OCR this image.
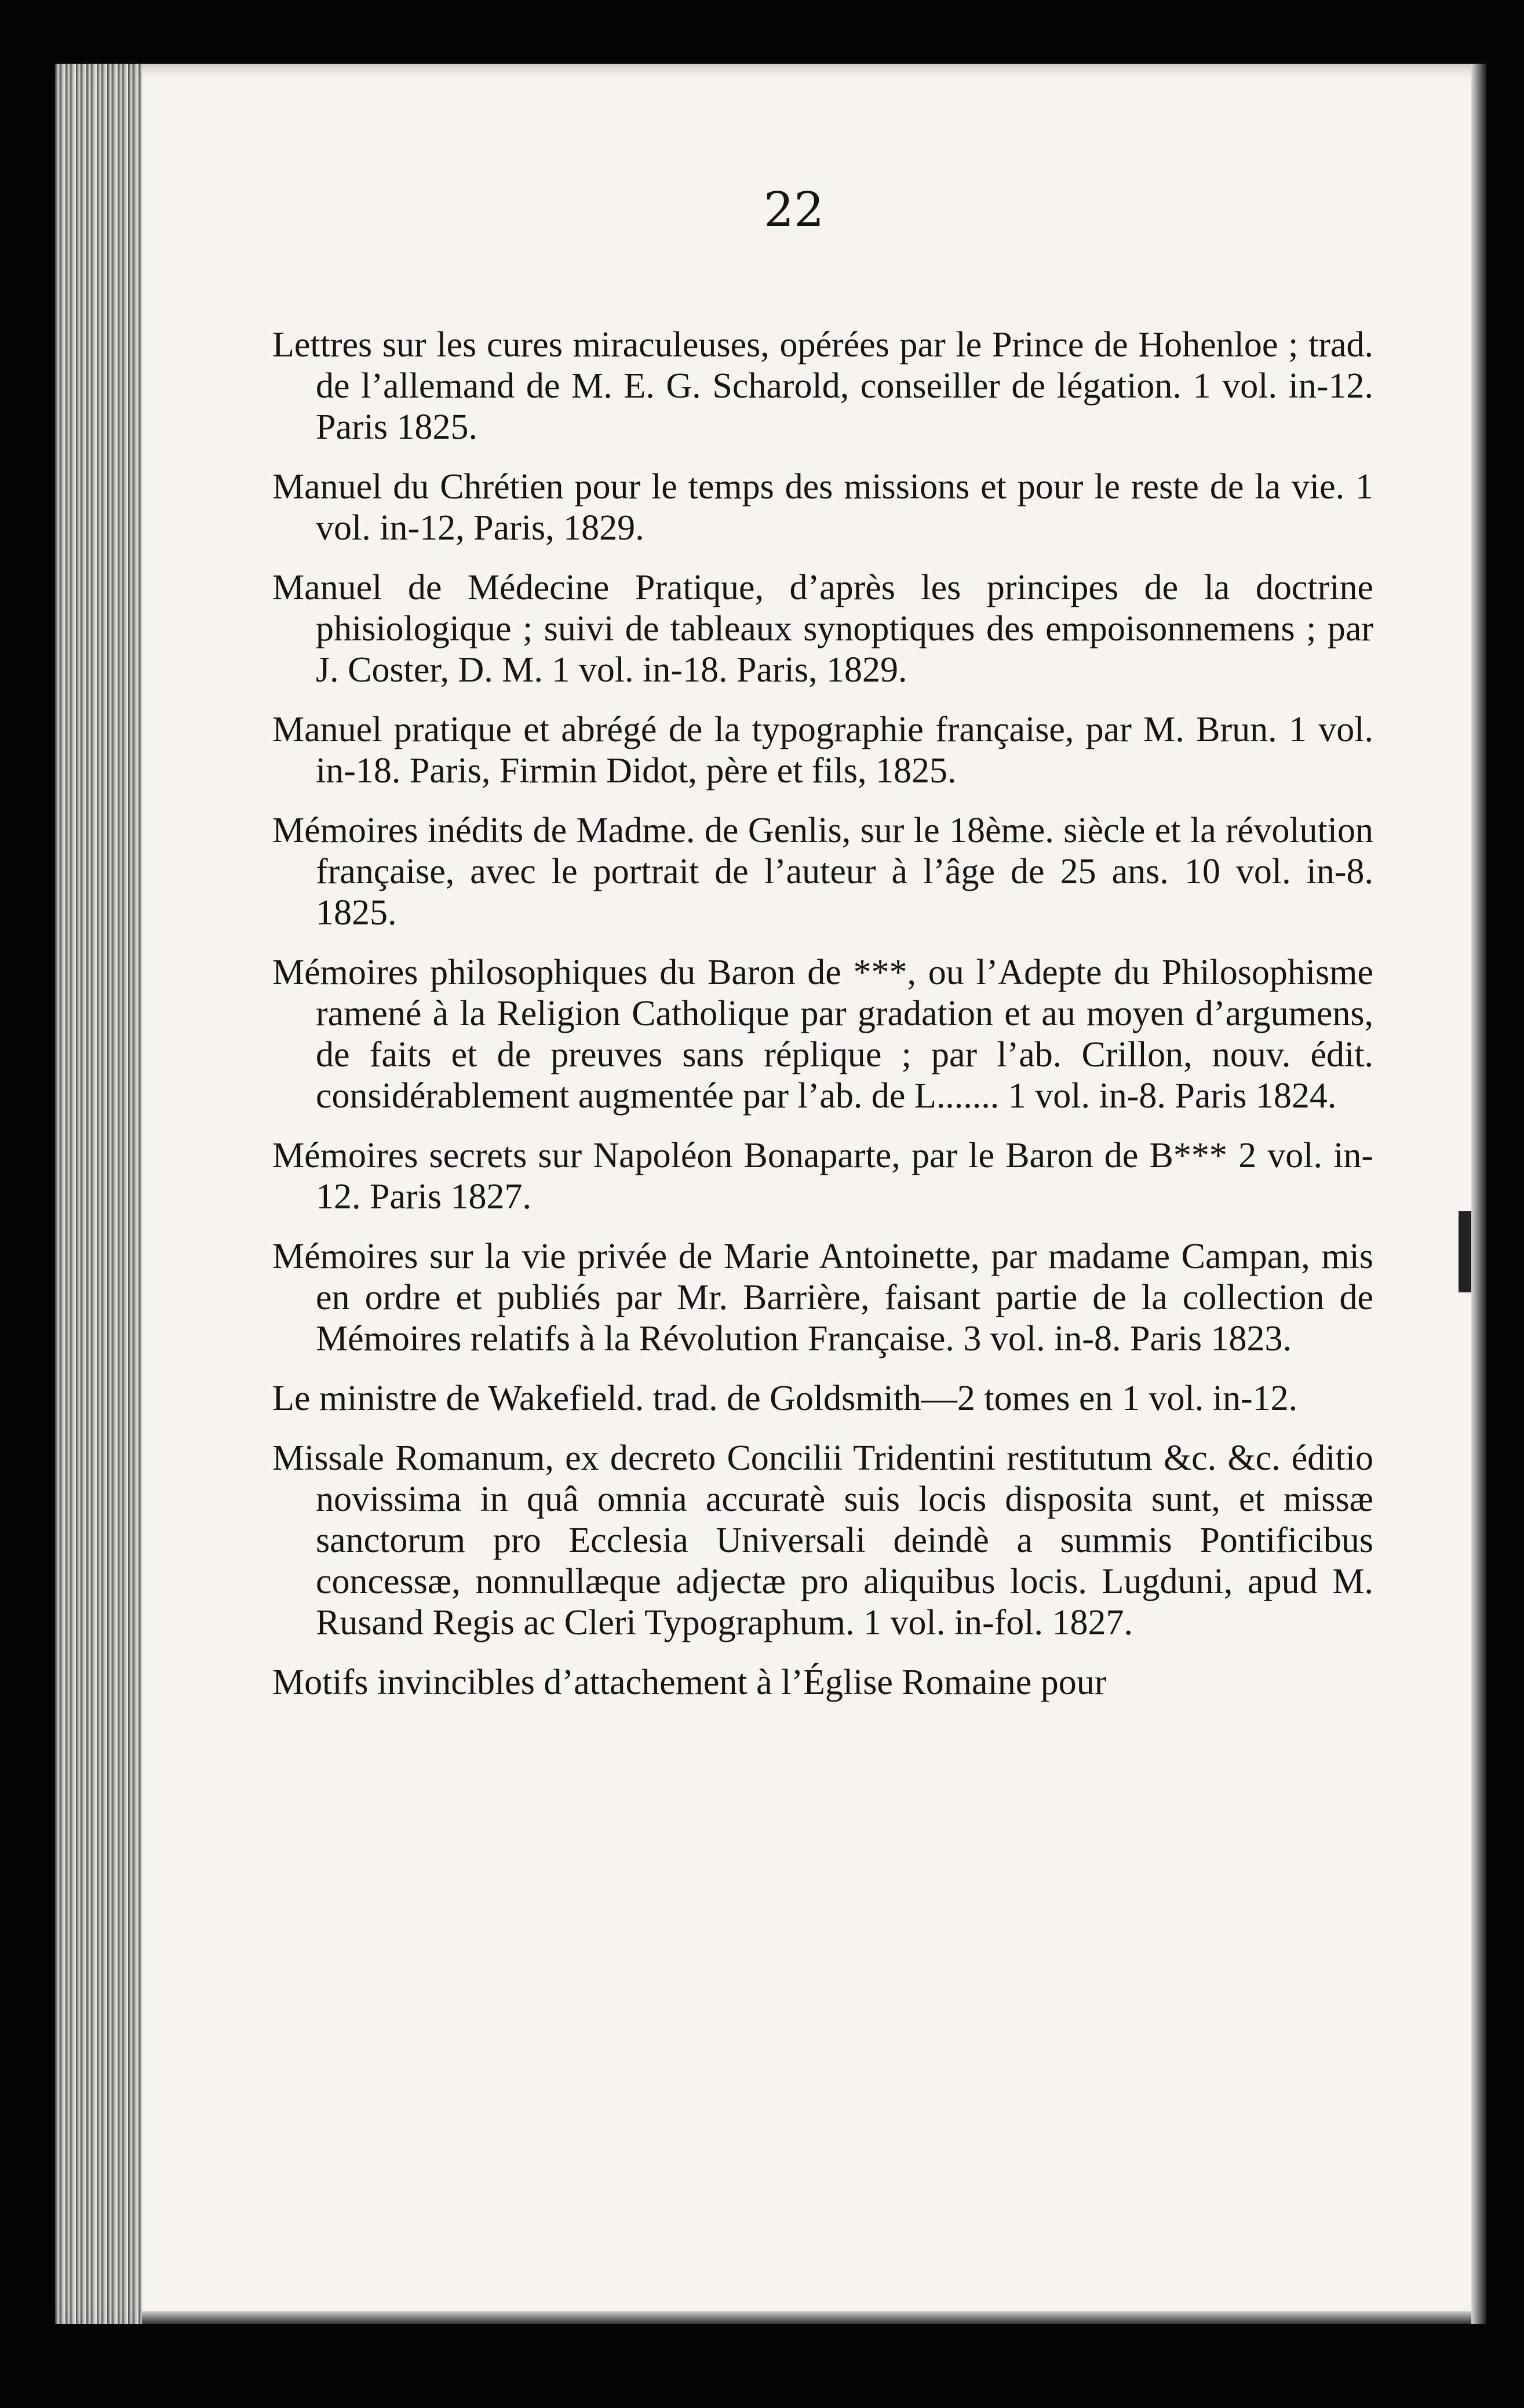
22
Lettres sur les cures miraculeuses, opérées par le Prince de Hohenloe ; trad. de l’allemand de M. E. G. Scharold, conseiller de légation. 1 vol. in-12. Paris 1825.
Manuel du Chrétien pour le temps des missions et pour le reste de la vie. 1 vol. in-12, Paris, 1829.
Manuel de Médecine Pratique, d’après les principes de la doctrine phisiologique ; suivi de tableaux synoptiques des empoisonnemens ; par J. Coster, D. M. 1 vol. in-18. Paris, 1829.
Manuel pratique et abrégé de la typographie française, par M. Brun. 1 vol. in-18. Paris, Firmin Didot, père et fils, 1825.
Mémoires inédits de Madme. de Genlis, sur le 18ème. siècle et la révolution française, avec le portrait de l’auteur à l’âge de 25 ans. 10 vol. in-8. 1825.
Mémoires philosophiques du Baron de ***, ou l’Adepte du Philosophisme ramené à la Religion Catholique par gradation et au moyen d’argumens, de faits et de preuves sans réplique ; par l’ab. Crillon, nouv. édit. considérablement augmentée par l’ab. de L....... 1 vol. in-8. Paris 1824.
Mémoires secrets sur Napoléon Bonaparte, par le Baron de B*** 2 vol. in-12. Paris 1827.
Mémoires sur la vie privée de Marie Antoinette, par madame Campan, mis en ordre et publiés par Mr. Barrière, faisant partie de la collection de Mémoires relatifs à la Révolution Française. 3 vol. in-8. Paris 1823.
Le ministre de Wakefield. trad. de Goldsmith—2 tomes en 1 vol. in-12.
Missale Romanum, ex decreto Concilii Tridentini restitutum &c. &c. éditio novissima in quâ omnia accuratè suis locis disposita sunt, et missæ sanctorum pro Ecclesia Universali deindè a summis Pontificibus concessæ, nonnullæque adjectæ pro aliquibus locis. Lugduni, apud M. Rusand Regis ac Cleri Typographum. 1 vol. in-fol. 1827.
Motifs invincibles d’attachement à l’Église Romaine pour
